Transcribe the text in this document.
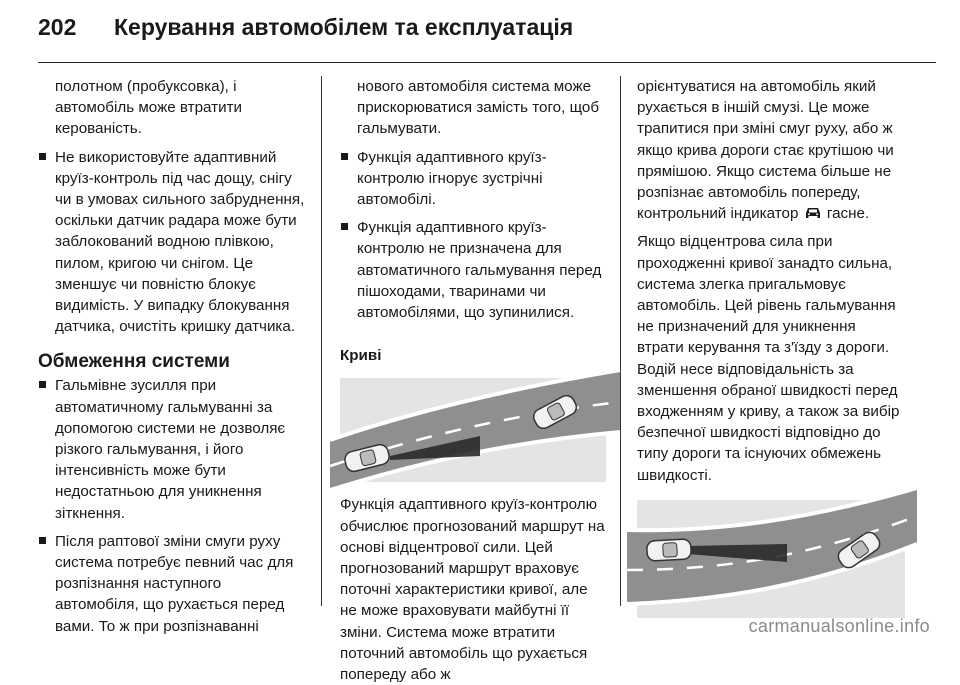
202	Керування автомобілем та експлуатація

полотном (пробуксовка), і автомобіль може втратити керованість.

Не використовуйте адаптивний круїз-контроль під час дощу, снігу чи в умовах сильного забруднення, оскільки датчик радара може бути заблокований водною плівкою, пилом, кригою чи снігом. Це зменшує чи повністю блокує видимість. У випадку блокування датчика, очистіть кришку датчика.
Обмеження системи
Гальмівне зусилля при автоматичному гальмуванні за допомогою системи не дозволяє різкого гальмування, і його інтенсивність може бути недостатньою для уникнення зіткнення.
Після раптової зміни смуги руху система потребує певний час для розпізнання наступного автомобіля, що рухається перед вами. То ж при розпізнаванні

нового автомобіля система може прискорюватися замість того, щоб гальмувати.

Функція адаптивного круїз-контролю ігнорує зустрічні автомобілі.
Функція адаптивного круїз-контролю не призначена для автоматичного гальмування перед пішоходами, тваринами чи автомобілями, що зупинилися.
Криві

Функція адаптивного круїз-контролю обчислює прогнозований маршрут на основі відцентрової сили. Цей прогнозований маршрут враховує поточні характеристики кривої, але не може враховувати майбутні її зміни. Система може втратити поточний автомобіль що рухається попереду або ж

орієнтуватися на автомобіль який рухається в іншій смузі. Це може трапитися при зміні смуг руху, або ж якщо крива дороги стає крутішою чи прямішою. Якщо система більше не розпізнає автомобіль попереду, контрольний індикатор гасне.

Якщо відцентрова сила при проходженні кривої занадто сильна, система злегка пригальмовує автомобіль. Цей рівень гальмування не призначений для уникнення втрати керування та з'їзду з дороги. Водій несе відповідальність за зменшення обраної швидкості перед входженням у криву, а також за вибір безпечної швидкості відповідно до типу дороги та існуючих обмежень швидкості.

carmanualsonline.info
